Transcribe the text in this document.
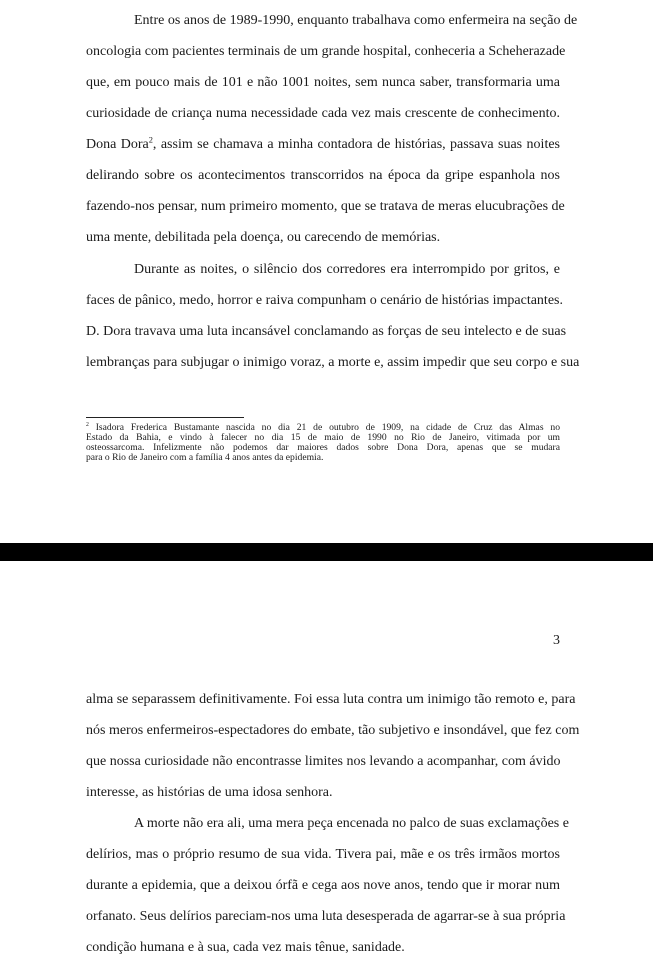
Entre os anos de 1989-1990, enquanto trabalhava como enfermeira na seção de
oncologia com pacientes terminais de um grande hospital, conheceria a Scheherazade
que, em pouco mais de 101 e não 1001 noites, sem nunca saber, transformaria uma
curiosidade de criança numa necessidade cada vez mais crescente de conhecimento.
Dona Dora$^2$, assim se chamava a minha contadora de histórias, passava suas noites
delirando sobre os acontecimentos transcorridos na época da gripe espanhola nos
fazendo-nos pensar, num primeiro momento, que se tratava de meras elucubrações de
uma mente, debilitada pela doença, ou carecendo de memórias.
Durante as noites, o silêncio dos corredores era interrompido por gritos, e
faces de pânico, medo, horror e raiva compunham o cenário de histórias impactantes.
D. Dora travava uma luta incansável conclamando as forças de seu intelecto e de suas
lembranças para subjugar o inimigo voraz, a morte e, assim impedir que seu corpo e sua
$^2$ Isadora Frederica Bustamante nascida no dia 21 de outubro de 1909, na cidade de Cruz das Almas no
Estado da Bahia, e vindo à falecer no dia 15 de maio de 1990 no Rio de Janeiro, vitimada por um
osteossarcoma. Infelizmente não podemos dar maiores dados sobre Dona Dora, apenas que se mudara
para o Rio de Janeiro com a família 4 anos antes da epidemia.
3
alma se separassem definitivamente. Foi essa luta contra um inimigo tão remoto e, para
nós meros enfermeiros-espectadores do embate, tão subjetivo e insondável, que fez com
que nossa curiosidade não encontrasse limites nos levando a acompanhar, com ávido
interesse, as histórias de uma idosa senhora.
A morte não era ali, uma mera peça encenada no palco de suas exclamações e
delírios, mas o próprio resumo de sua vida. Tivera pai, mãe e os três irmãos mortos
durante a epidemia, que a deixou órfã e cega aos nove anos, tendo que ir morar num
orfanato. Seus delírios pareciam-nos uma luta desesperada de agarrar-se à sua própria
condição humana e à sua, cada vez mais tênue, sanidade.
